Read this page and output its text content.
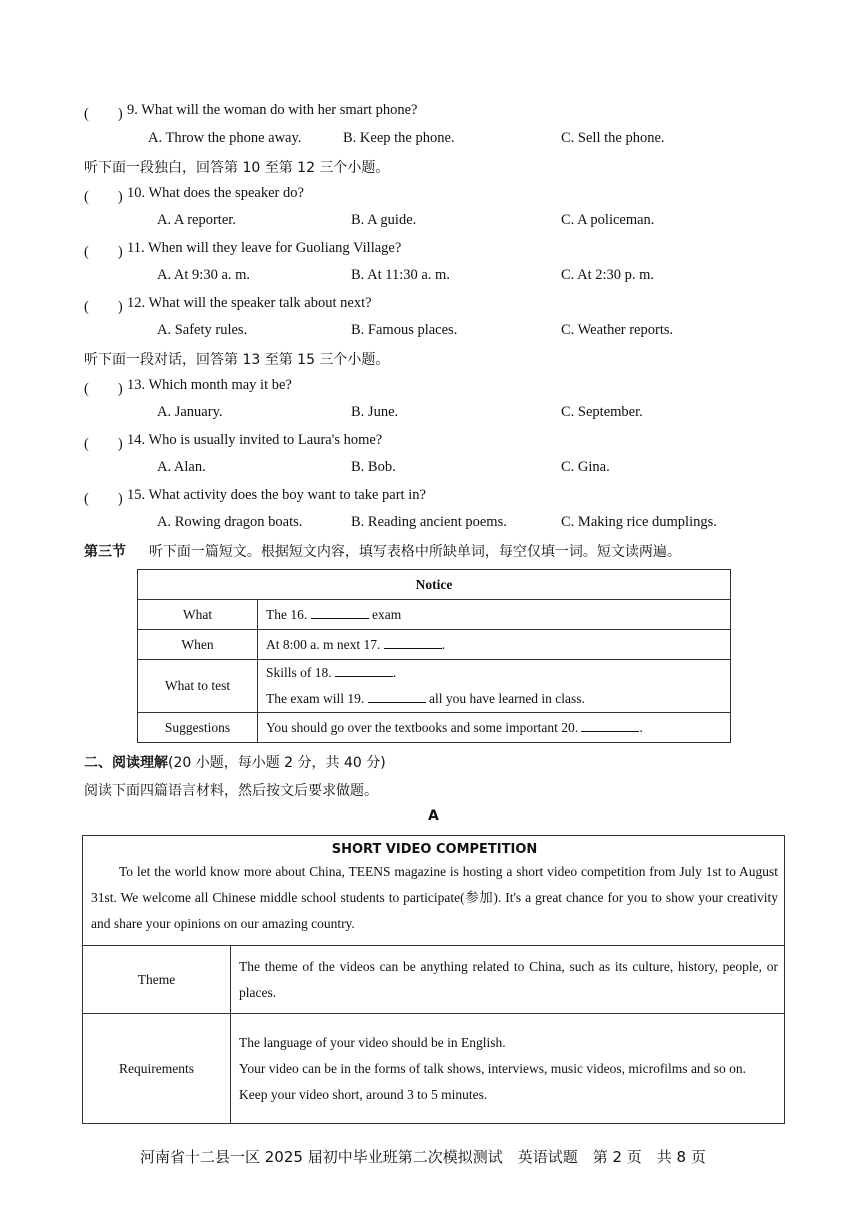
(　　) 9. What will the woman do with her smart phone?
A. Throw the phone away.	B. Keep the phone.	C. Sell the phone.
听下面一段独白，回答第 10 至第 12 三个小题。
(　　) 10. What does the speaker do?
A. A reporter.	B. A guide.	C. A policeman.
(　　) 11. When will they leave for Guoliang Village?
A. At 9:30 a. m.	B. At 11:30 a. m.	C. At 2:30 p. m.
(　　) 12. What will the speaker talk about next?
A. Safety rules.	B. Famous places.	C. Weather reports.
听下面一段对话，回答第 13 至第 15 三个小题。
(　　) 13. Which month may it be?
A. January.	B. June.	C. September.
(　　) 14. Who is usually invited to Laura's home?
A. Alan.	B. Bob.	C. Gina.
(　　) 15. What activity does the boy want to take part in?
A. Rowing dragon boats.	B. Reading ancient poems.	C. Making rice dumplings.
第三节 听下面一篇短文。根据短文内容，填写表格中所缺单词，每空仅填一词。短文读两遍。
Notice	
What	The 16. exam
When	At 8:00 a. m next 17. .
What to test	Skills of 18. .
The exam will 19. all you have learned in class.

Suggestions	You should go over the textbooks and some important 20. .
二、阅读理解(20 小题，每小题 2 分，共 40 分)
阅读下面四篇语言材料，然后按文后要求做题。
A
SHORT VIDEO COMPETITION
To let the world know more about China, TEENS magazine is hosting a short video competition from July 1st to August 31st. We welcome all Chinese middle school students to participate(参加). It's a great chance for you to show your creativity and share your opinions on our amazing country.	

Theme	The theme of the videos can be anything related to China, such as its culture, history, people, or places.

Requirements	The language of your video should be in English.
Your video can be in the forms of talk shows, interviews, music videos, microfilms and so on.
Keep your video short, around 3 to 5 minutes.
河南省十二县一区 2025 届初中毕业班第二次模拟测试　英语试题　第 2 页　共 8 页
